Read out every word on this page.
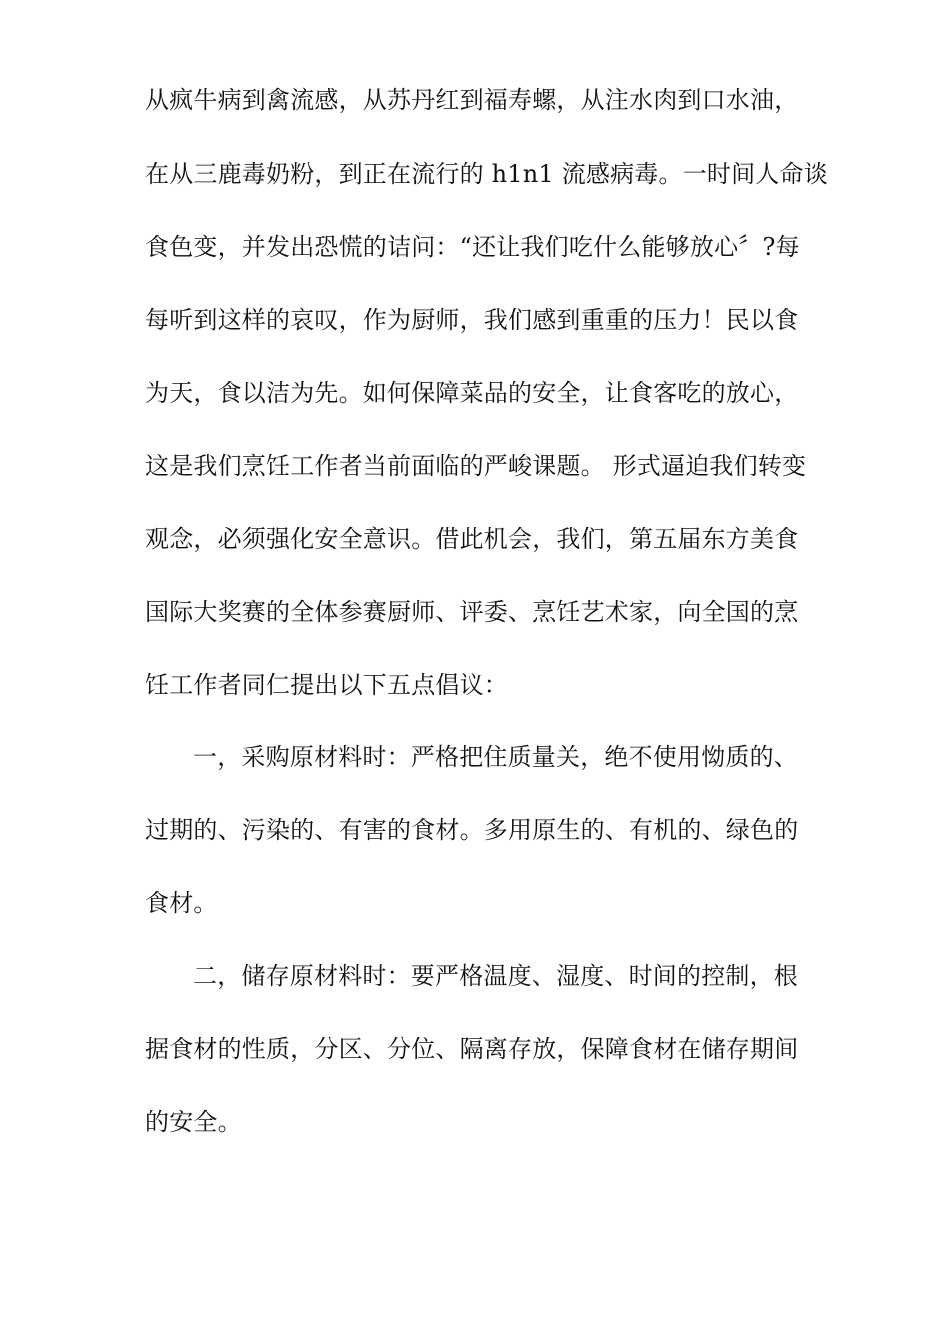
从疯牛病到禽流感，从苏丹红到福寿螺，从注水肉到口水油，
在从三鹿毒奶粉，到正在流行的 h1n1 流感病毒。一时间人命谈
食色变，并发出恐慌的诘问：“还让我们吃什么能够放心〞?每
每听到这样的哀叹，作为厨师，我们感到重重的压力！民以食
为天，食以洁为先。如何保障菜品的安全，让食客吃的放心，
这是我们烹饪工作者当前面临的严峻课题。 形式逼迫我们转变
观念，必须强化安全意识。借此机会，我们，第五届东方美食
国际大奖赛的全体参赛厨师、评委、烹饪艺术家，向全国的烹
饪工作者同仁提出以下五点倡议：
一，采购原材料时：严格把住质量关，绝不使用怮质的、
过期的、污染的、有害的食材。多用原生的、有机的、绿色的
食材。
二，储存原材料时：要严格温度、湿度、时间的控制，根
据食材的性质，分区、分位、隔离存放，保障食材在储存期间
的安全。
